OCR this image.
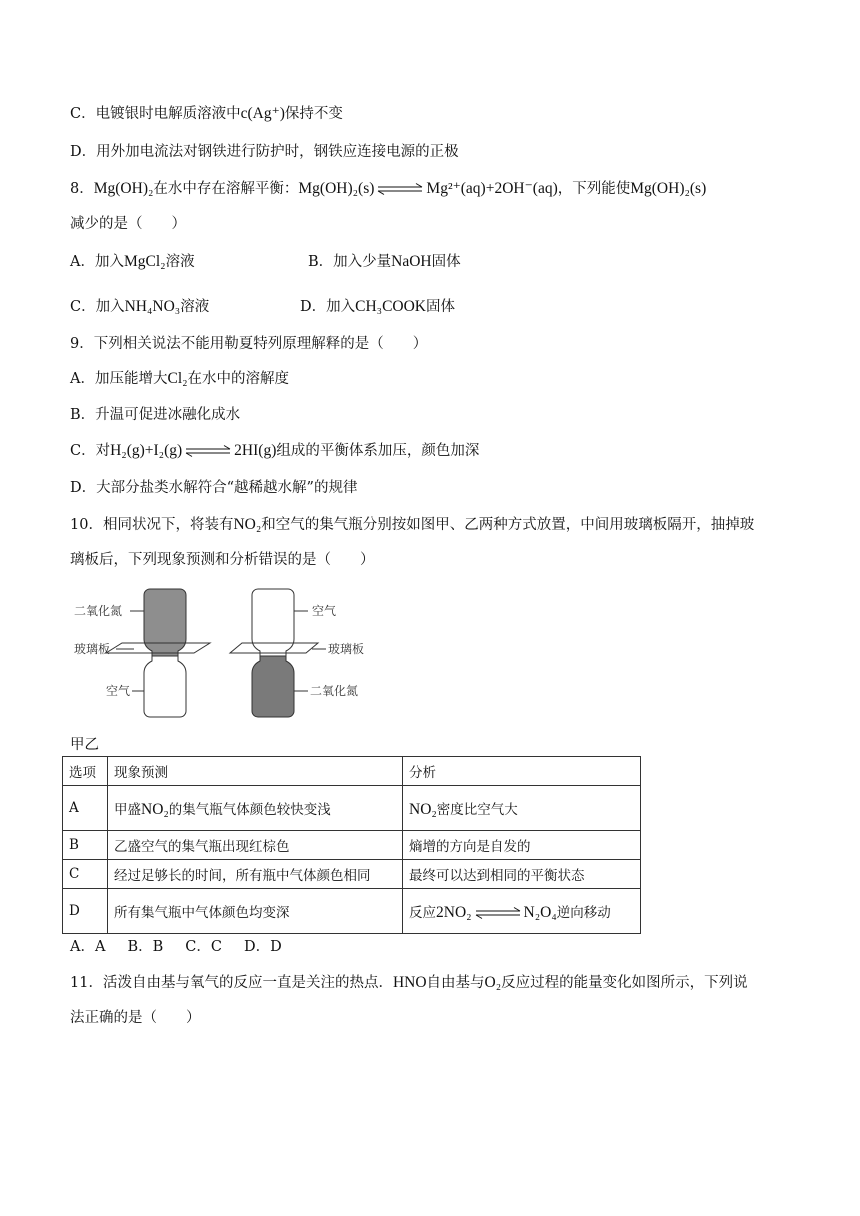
C．电镀银时电解质溶液中c(Ag⁺)保持不变
D．用外加电流法对钢铁进行防护时，钢铁应连接电源的正极
8．Mg(OH)₂在水中存在溶解平衡：Mg(OH)₂(s)	Mg²⁺(aq)+2OH⁻(aq)，下列能使Mg(OH)₂(s)
减少的是（　　）
A．加入MgCl₂溶液	B．加入少量NaOH固体
C．加入NH₄NO₃溶液	D．加入CH₃COOK固体
9．下列相关说法不能用勒夏特列原理解释的是（　　）
A．加压能增大Cl₂在水中的溶解度
B．升温可促进冰融化成水
C．对H₂(g)+I₂(g)	2HI(g)组成的平衡体系加压，颜色加深
D．大部分盐类水解符合“越稀越水解”的规律
10．相同状况下，将装有NO₂和空气的集气瓶分别按如图甲、乙两种方式放置，中间用玻璃板隔开，抽掉玻
璃板后，下列现象预测和分析错误的是（　　）
二氧化氮
玻璃板
空气
空气
玻璃板
二氧化氮
甲乙
选项	现象预测	分析
A	甲盛NO₂的集气瓶气体颜色较快变浅	NO₂密度比空气大
B	乙盛空气的集气瓶出现红棕色	熵增的方向是自发的
C	经过足够长的时间，所有瓶中气体颜色相同	最终可以达到相同的平衡状态
D	所有集气瓶中气体颜色均变深	反应2NO₂ N₂O₄逆向移动
A．A B．B C．C D．D
11．活泼自由基与氧气的反应一直是关注的热点．HNO自由基与O₂反应过程的能量变化如图所示，下列说
法正确的是（　　）
